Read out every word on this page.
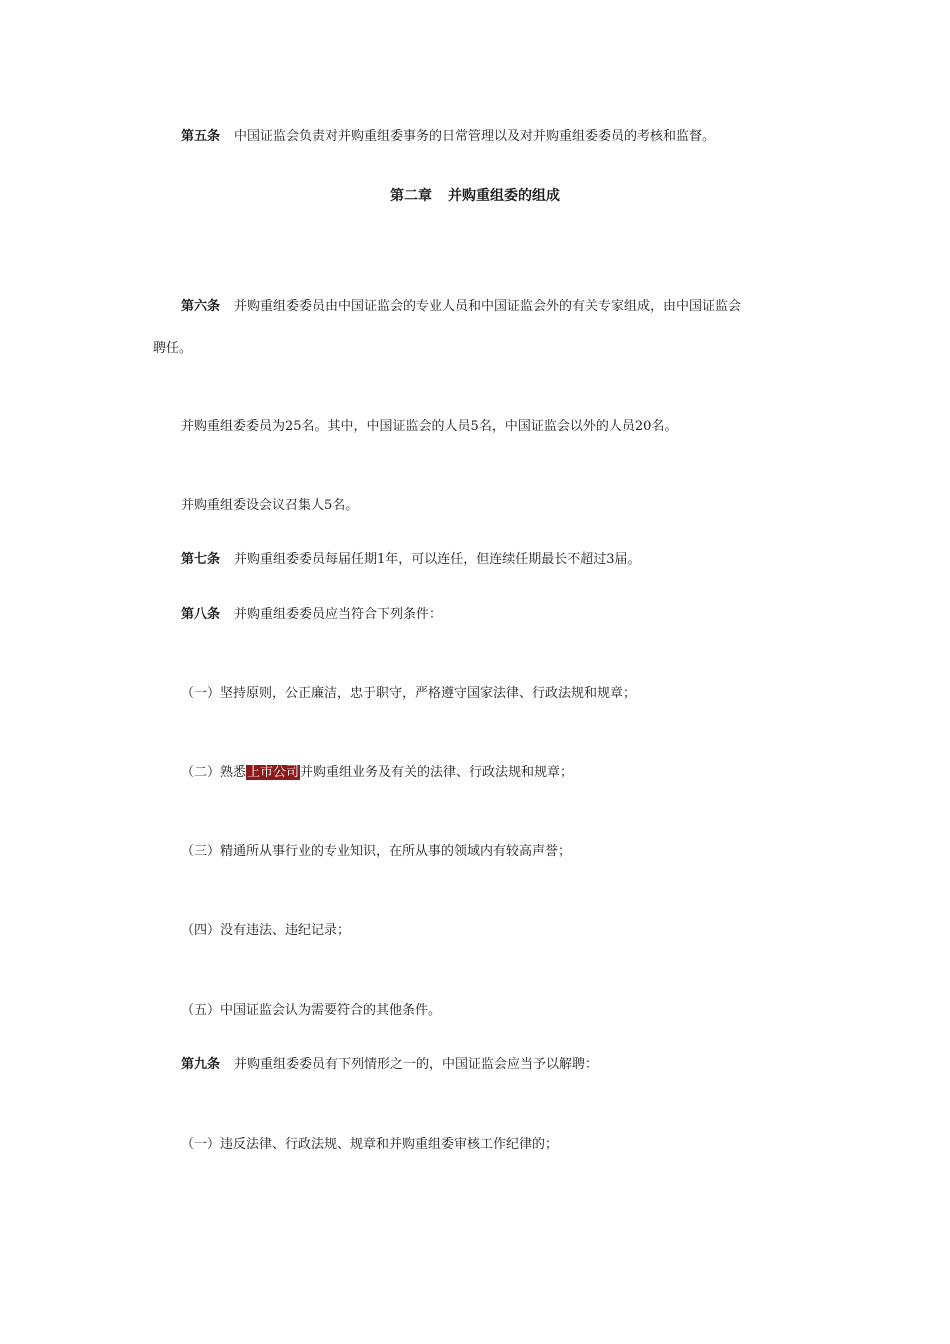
第五条 中国证监会负责对并购重组委事务的日常管理以及对并购重组委委员的考核和监督。
第二章 并购重组委的组成
第六条 并购重组委委员由中国证监会的专业人员和中国证监会外的有关专家组成，由中国证监会
聘任。
并购重组委委员为25名。其中，中国证监会的人员5名，中国证监会以外的人员20名。
并购重组委设会议召集人5名。
第七条 并购重组委委员每届任期1年，可以连任，但连续任期最长不超过3届。
第八条 并购重组委委员应当符合下列条件：
（一）坚持原则，公正廉洁，忠于职守，严格遵守国家法律、行政法规和规章；
（二）熟悉上市公司并购重组业务及有关的法律、行政法规和规章；
（三）精通所从事行业的专业知识，在所从事的领域内有较高声誉；
（四）没有违法、违纪记录；
（五）中国证监会认为需要符合的其他条件。
第九条 并购重组委委员有下列情形之一的，中国证监会应当予以解聘：
（一）违反法律、行政法规、规章和并购重组委审核工作纪律的；
